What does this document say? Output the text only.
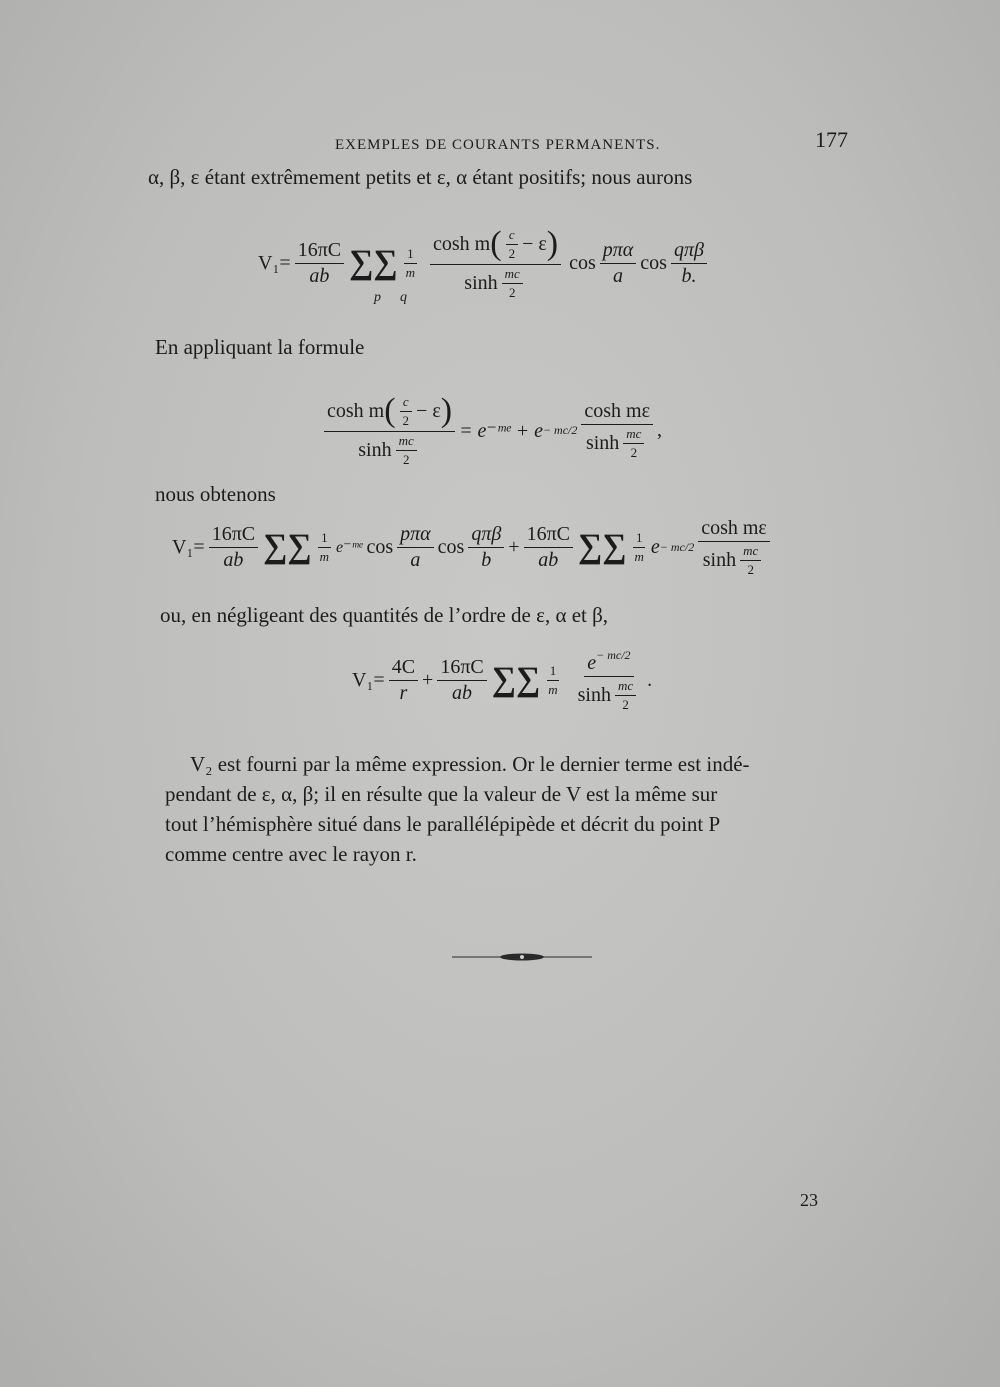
EXEMPLES DE COURANTS PERMANENTS.	177
α, β, ε étant extrêmement petits et ε, α étant positifs; nous aurons
$V_1= \frac{16\pi C}{ab}$ ∑∑ $\frac{1}{m}$
cosh m ( $\frac{c}{2} - \varepsilon$ )
$\sinh \frac{mc}{2}$
$\cos \frac{\text{pπα}}{a}$ $\cos \frac{\text{qπβ}}{b.}$
p q
En appliquant la formule
cosh m ( $\frac{c}{2} - \varepsilon$ )
$\sinh \frac{mc}{2}$
= e⁻ᵐᵉ + $e - mc/2 \frac{\text{cosh mε}}{\sinh \frac{mc}{2}}$ ,
nous obtenons
$V_1= \frac{16\pi C}{ab}$ ∑∑ $\frac{1}{m}$ e⁻ᵐᵉ $\cos \frac{\text{pπα}}{a}$ $\cos \frac{\text{qπβ}}{b} + \frac{16\pi C}{ab}$ ∑∑ $\frac{1}{m}$ $e - mc/2 \frac{\text{cosh mε}}{\sinh \frac{mc}{2}}$
ou, en négligeant des quantités de l’ordre de ε, α et β,
$V_1= \frac{4C}{r} + \frac{16\pi C}{ab}$ ∑∑ $\frac{1}{m} \frac{e^{- mc/2}}{\sinh \frac{mc}{2}}$ .
V₂ est fourni par la même expression. Or le dernier terme est indé-
pendant de ε, α, β; il en résulte que la valeur de V est la même sur
tout l’hémisphère situé dans le parallélépipède et décrit du point P
comme centre avec le rayon r.
23
